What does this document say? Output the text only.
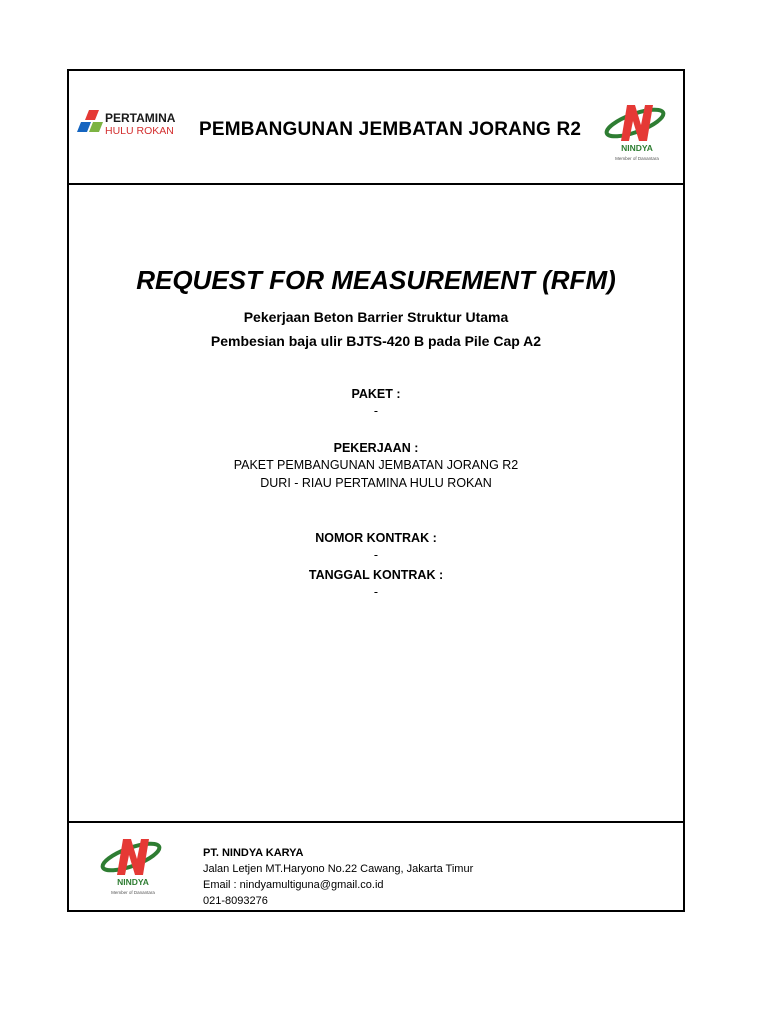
PERTAMINA
HULU ROKAN PEMBANGUNAN JEMBATAN JORANG R2
NINDYA
Member of Danantara
REQUEST FOR MEASUREMENT (RFM)
Pekerjaan Beton Barrier Struktur Utama
Pembesian baja ulir BJTS-420 B pada Pile Cap A2
PAKET :
-
PEKERJAAN :
PAKET PEMBANGUNAN JEMBATAN JORANG R2
DURI - RIAU PERTAMINA HULU ROKAN
NOMOR KONTRAK :
-
TANGGAL KONTRAK :
-
NINDYA
Member of Danantara
PT. NINDYA KARYA
Jalan Letjen MT.Haryono No.22 Cawang, Jakarta Timur
Email : nindyamultiguna@gmail.co.id
021-8093276
